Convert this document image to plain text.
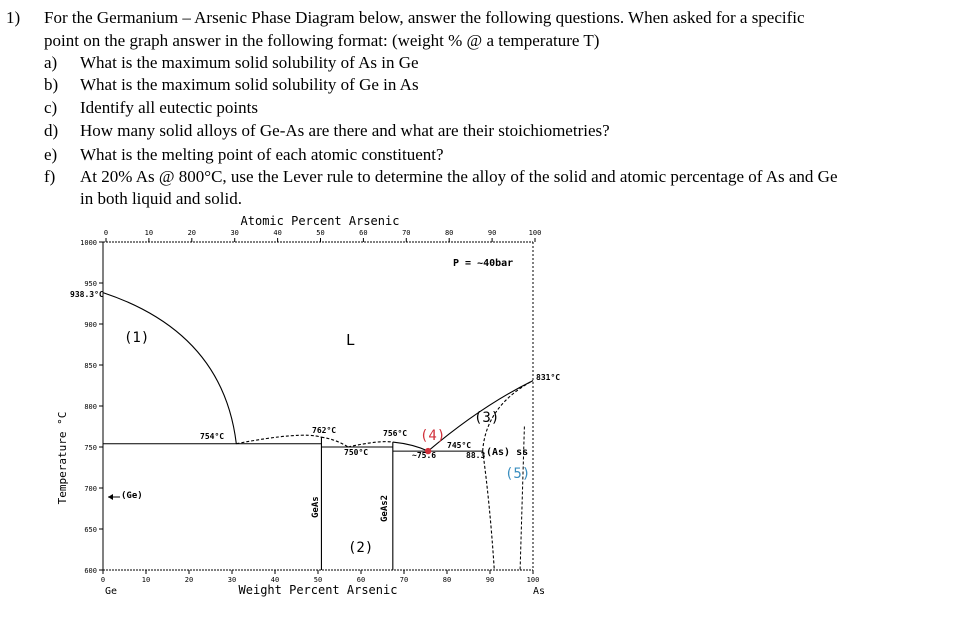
1) For the Germanium – Arsenic Phase Diagram below, answer the following questions. When asked for a specific
point on the graph answer in the following format: (weight % @ a temperature T)
a) What is the maximum solid solubility of As in Ge
b) What is the maximum solid solubility of Ge in As
c) Identify all eutectic points
d) How many solid alloys of Ge-As are there and what are their stoichiometries?
e) What is the melting point of each atomic constituent?
f) At 20% As @ 800°C, use the Lever rule to determine the alloy of the solid and atomic percentage of As and Ge
in both liquid and solid.
Atomic Percent Arsenic
Weight Percent Arsenic
Temperature °C
Ge	As
0	10	20	30	40	50	60	70	80	90	100
0	10	20	30	40	50	60	70	80	90	100
1000
950
900
850
800
750
700
650
600
P = ~40bar
L
(1)
(2)
(3)
(4)
(5)
(Ge)
GeAs	GeAs2
(As) ss
754°C
762°C
750°C
756°C
745°C
831°C
~75.6	88.3
938.3°C
